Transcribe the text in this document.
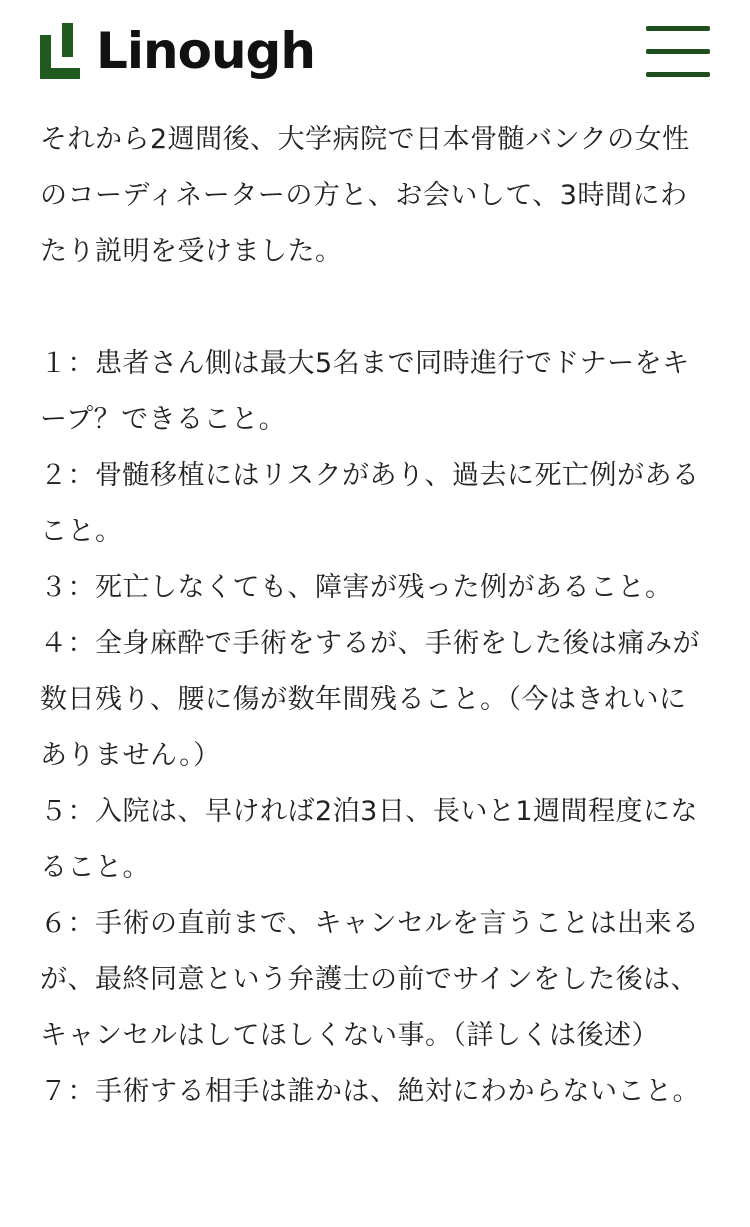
Linough

それから2週間後、大学病院で日本骨髄バンクの女性のコーディネーターの方と、お会いして、3時間にわたり説明を受けました。

１：患者さん側は最大5名まで同時進行でドナーをキープ？できること。

２：骨髄移植にはリスクがあり、過去に死亡例があること。

３：死亡しなくても、障害が残った例があること。

４：全身麻酔で手術をするが、手術をした後は痛みが数日残り、腰に傷が数年間残ること。（今はきれいにありません。）

５：入院は、早ければ2泊3日、長いと1週間程度になること。

６：手術の直前まで、キャンセルを言うことは出来るが、最終同意という弁護士の前でサインをした後は、キャンセルはしてほしくない事。（詳しくは後述）

７：手術する相手は誰かは、絶対にわからないこと。
